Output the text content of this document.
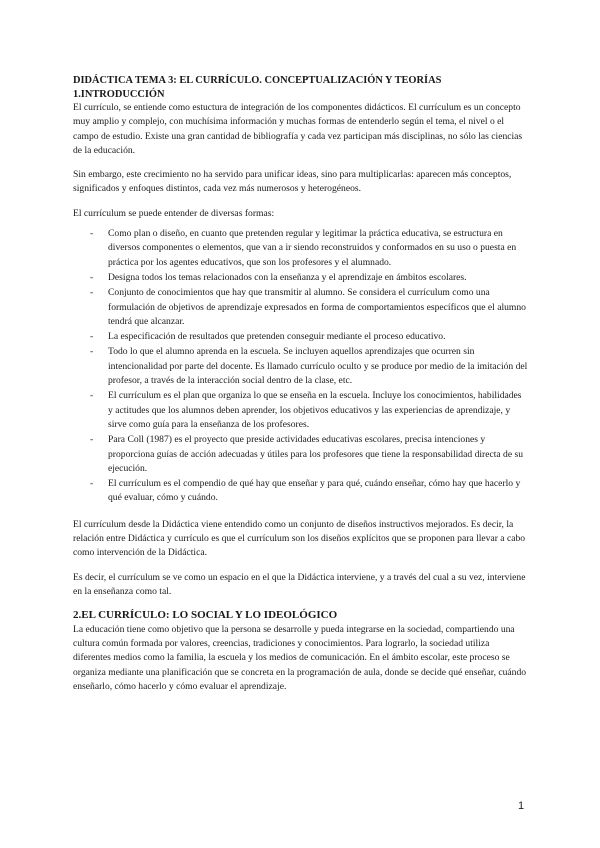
DIDÁCTICA TEMA 3: EL CURRÍCULO. CONCEPTUALIZACIÓN Y TEORÍAS
1.INTRODUCCIÓN

El currículo, se entiende como estuctura de integración de los componentes didácticos. El currículum es un concepto muy amplio y complejo, con muchísima información y muchas formas de entenderlo según el tema, el nivel o el campo de estudio. Existe una gran cantidad de bibliografía y cada vez participan más disciplinas, no sólo las ciencias de la educación.

Sin embargo, este crecimiento no ha servido para unificar ideas, sino para multiplicarlas: aparecen más conceptos, significados y enfoques distintos, cada vez más numerosos y heterogéneos.

El currículum se puede entender de diversas formas:

- Como plan o diseño, en cuanto que pretenden regular y legitimar la práctica educativa, se estructura en diversos componentes o elementos, que van a ir siendo reconstruidos y conformados en su uso o puesta en práctica por los agentes educativos, que son los profesores y el alumnado.
- Designa todos los temas relacionados con la enseñanza y el aprendizaje en ámbitos escolares.
- Conjunto de conocimientos que hay que transmitir al alumno. Se considera el currículum como una formulación de objetivos de aprendizaje expresados en forma de comportamientos específicos que el alumno tendrá que alcanzar.
- La especificación de resultados que pretenden conseguir mediante el proceso educativo.
- Todo lo que el alumno aprenda en la escuela. Se incluyen aquellos aprendizajes que ocurren sin intencionalidad por parte del docente. Es llamado currículo oculto y se produce por medio de la imitación del profesor, a través de la interacción social dentro de la clase, etc.
- El currículum es el plan que organiza lo que se enseña en la escuela. Incluye los conocimientos, habilidades y actitudes que los alumnos deben aprender, los objetivos educativos y las experiencias de aprendizaje, y sirve como guía para la enseñanza de los profesores.
- Para Coll (1987) es el proyecto que preside actividades educativas escolares, precisa intenciones y proporciona guías de acción adecuadas y útiles para los profesores que tiene la responsabilidad directa de su ejecución.
- El currículum es el compendio de qué hay que enseñar y para qué, cuándo enseñar, cómo hay que hacerlo y qué evaluar, cómo y cuándo.

El currículum desde la Didáctica viene entendido como un conjunto de diseños instructivos mejorados. Es decir, la relación entre Didáctica y currículo es que el currículum son los diseños explícitos que se proponen para llevar a cabo como intervención de la Didáctica.

Es decir, el currículum se ve como un espacio en el que la Didáctica interviene, y a través del cual a su vez, interviene en la enseñanza como tal.

2.EL CURRÍCULO: LO SOCIAL Y LO IDEOLÓGICO

La educación tiene como objetivo que la persona se desarrolle y pueda integrarse en la sociedad, compartiendo una cultura común formada por valores, creencias, tradiciones y conocimientos. Para lograrlo, la sociedad utiliza diferentes medios como la familia, la escuela y los medios de comunicación. En el ámbito escolar, este proceso se organiza mediante una planificación que se concreta en la programación de aula, donde se decide qué enseñar, cuándo enseñarlo, cómo hacerlo y cómo evaluar el aprendizaje.

1
